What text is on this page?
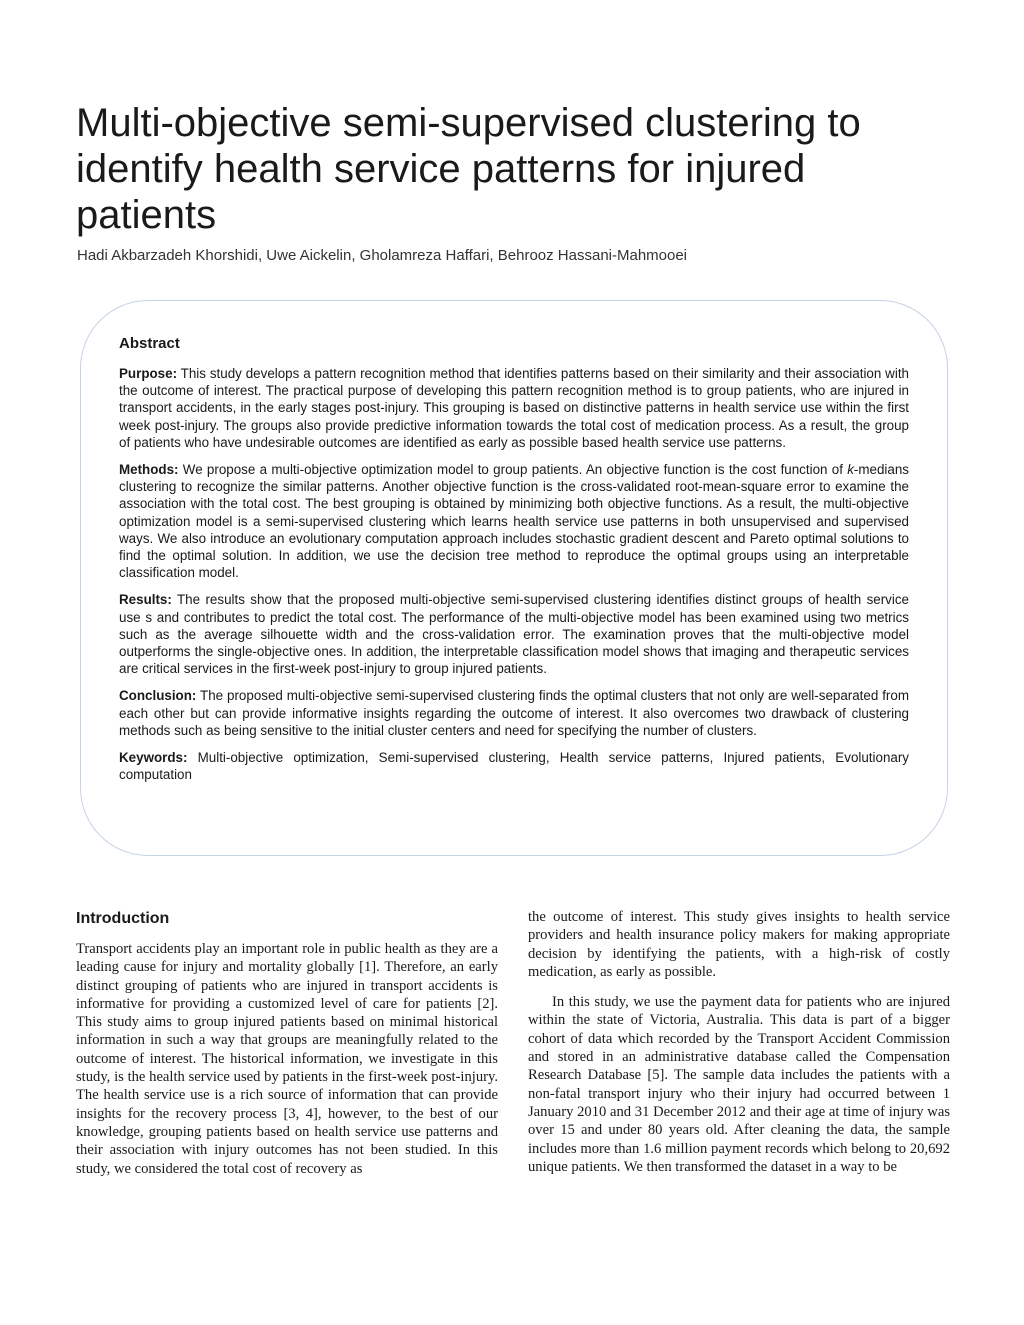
Multi-objective semi-supervised clustering to identify health service patterns for injured patients
Hadi Akbarzadeh Khorshidi, Uwe Aickelin, Gholamreza Haffari, Behrooz Hassani-Mahmooei
Abstract

Purpose: This study develops a pattern recognition method that identifies patterns based on their similarity and their association with the outcome of interest. The practical purpose of developing this pattern recognition method is to group patients, who are injured in transport accidents, in the early stages post-injury. This grouping is based on distinctive patterns in health service use within the first week post-injury. The groups also provide predictive information towards the total cost of medication process. As a result, the group of patients who have undesirable outcomes are identified as early as possible based health service use patterns.

Methods: We propose a multi-objective optimization model to group patients. An objective function is the cost function of k-medians clustering to recognize the similar patterns. Another objective function is the cross-validated root-mean-square error to examine the association with the total cost. The best grouping is obtained by minimizing both objective functions. As a result, the multi-objective optimization model is a semi-supervised clustering which learns health service use patterns in both unsupervised and supervised ways. We also introduce an evolutionary computation approach includes stochastic gradient descent and Pareto optimal solutions to find the optimal solution. In addition, we use the decision tree method to reproduce the optimal groups using an interpretable classification model.

Results: The results show that the proposed multi-objective semi-supervised clustering identifies distinct groups of health service use s and contributes to predict the total cost. The performance of the multi-objective model has been examined using two metrics such as the average silhouette width and the cross-validation error. The examination proves that the multi-objective model outperforms the single-objective ones. In addition, the interpretable classification model shows that imaging and therapeutic services are critical services in the first-week post-injury to group injured patients.

Conclusion: The proposed multi-objective semi-supervised clustering finds the optimal clusters that not only are well-separated from each other but can provide informative insights regarding the outcome of interest. It also overcomes two drawback of clustering methods such as being sensitive to the initial cluster centers and need for specifying the number of clusters.

Keywords: Multi-objective optimization, Semi-supervised clustering, Health service patterns, Injured patients, Evolutionary computation

Introduction

Transport accidents play an important role in public health as they are a leading cause for injury and mortality globally [1]. Therefore, an early distinct grouping of patients who are injured in transport accidents is informative for providing a customized level of care for patients [2]. This study aims to group injured patients based on minimal historical information in such a way that groups are meaningfully related to the outcome of interest. The historical information, we investigate in this study, is the health service used by patients in the first-week post-injury. The health service use is a rich source of information that can provide insights for the recovery process [3, 4], however, to the best of our knowledge, grouping patients based on health service use patterns and their association with injury outcomes has not been studied. In this study, we considered the total cost of recovery as

the outcome of interest. This study gives insights to health service providers and health insurance policy makers for making appropriate decision by identifying the patients, with a high-risk of costly medication, as early as possible.

In this study, we use the payment data for patients who are injured within the state of Victoria, Australia. This data is part of a bigger cohort of data which recorded by the Transport Accident Commission and stored in an administrative database called the Compensation Research Database [5]. The sample data includes the patients with a non-fatal transport injury who their injury had occurred between 1 January 2010 and 31 December 2012 and their age at time of injury was over 15 and under 80 years old. After cleaning the data, the sample includes more than 1.6 million payment records which belong to 20,692 unique patients. We then transformed the dataset in a way to be
